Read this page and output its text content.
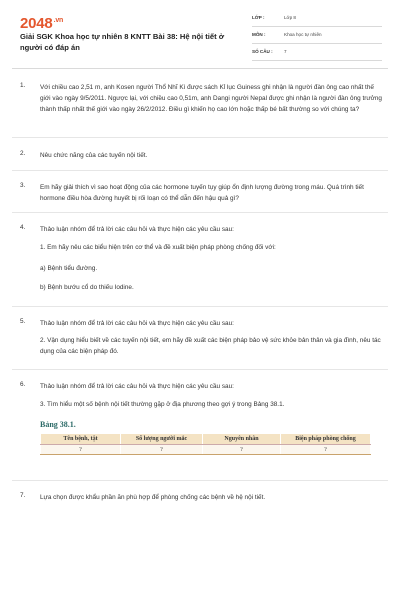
$2048^{.vn}$
Giải SGK Khoa học tự nhiên 8 KNTT Bài 38: Hệ nội tiết ở người có đáp án
LỚP :	Lớp 8
MÔN :	Khoa học tự nhiên
SỐ CÂU : 7
1. Với chiều cao 2,51 m, anh Kosen người Thổ Nhĩ Kì được sách Kỉ lục Guiness ghi nhận là người đàn ông cao nhất thế giới vào ngày 9/5/2011. Ngược lại, với chiều cao 0,51m, anh Dangi người Nepal được ghi nhận là người đàn ông trưởng thành thấp nhất thế giới vào ngày 26/2/2012. Điều gì khiến họ cao lớn hoặc thấp bé bất thường so với chúng ta?
2. Nêu chức năng của các tuyến nội tiết.
3. Em hãy giải thích vì sao hoạt động của các hormone tuyến tụy giúp ổn định lượng đường trong máu. Quá trình tiết hormone điều hòa đường huyết bị rối loạn có thể dẫn đến hậu quả gì?
4. Thảo luận nhóm để trả lời các câu hỏi và thực hiện các yêu cầu sau:
1. Em hãy nêu các biểu hiện trên cơ thể và đề xuất biện pháp phòng chống đối với:
a) Bệnh tiểu đường.
b) Bệnh bướu cổ do thiếu Iodine.
5. Thảo luận nhóm để trả lời các câu hỏi và thực hiện các yêu cầu sau:
2. Vận dụng hiểu biết về các tuyến nội tiết, em hãy đề xuất các biện pháp bảo vệ sức khỏe bản thân và gia đình, nêu tác dụng của các biện pháp đó.
6. Thảo luận nhóm để trả lời các câu hỏi và thực hiện các yêu cầu sau:
3. Tìm hiểu một số bệnh nội tiết thường gặp ở địa phương theo gợi ý trong Bảng 38.1.
Bảng 38.1.
Tên bệnh, tật	Số lượng người mắc	Nguyên nhân	Biện pháp phòng chống
?	?	?	?
7. Lựa chọn được khẩu phần ăn phù hợp để phòng chống các bệnh về hệ nội tiết.
